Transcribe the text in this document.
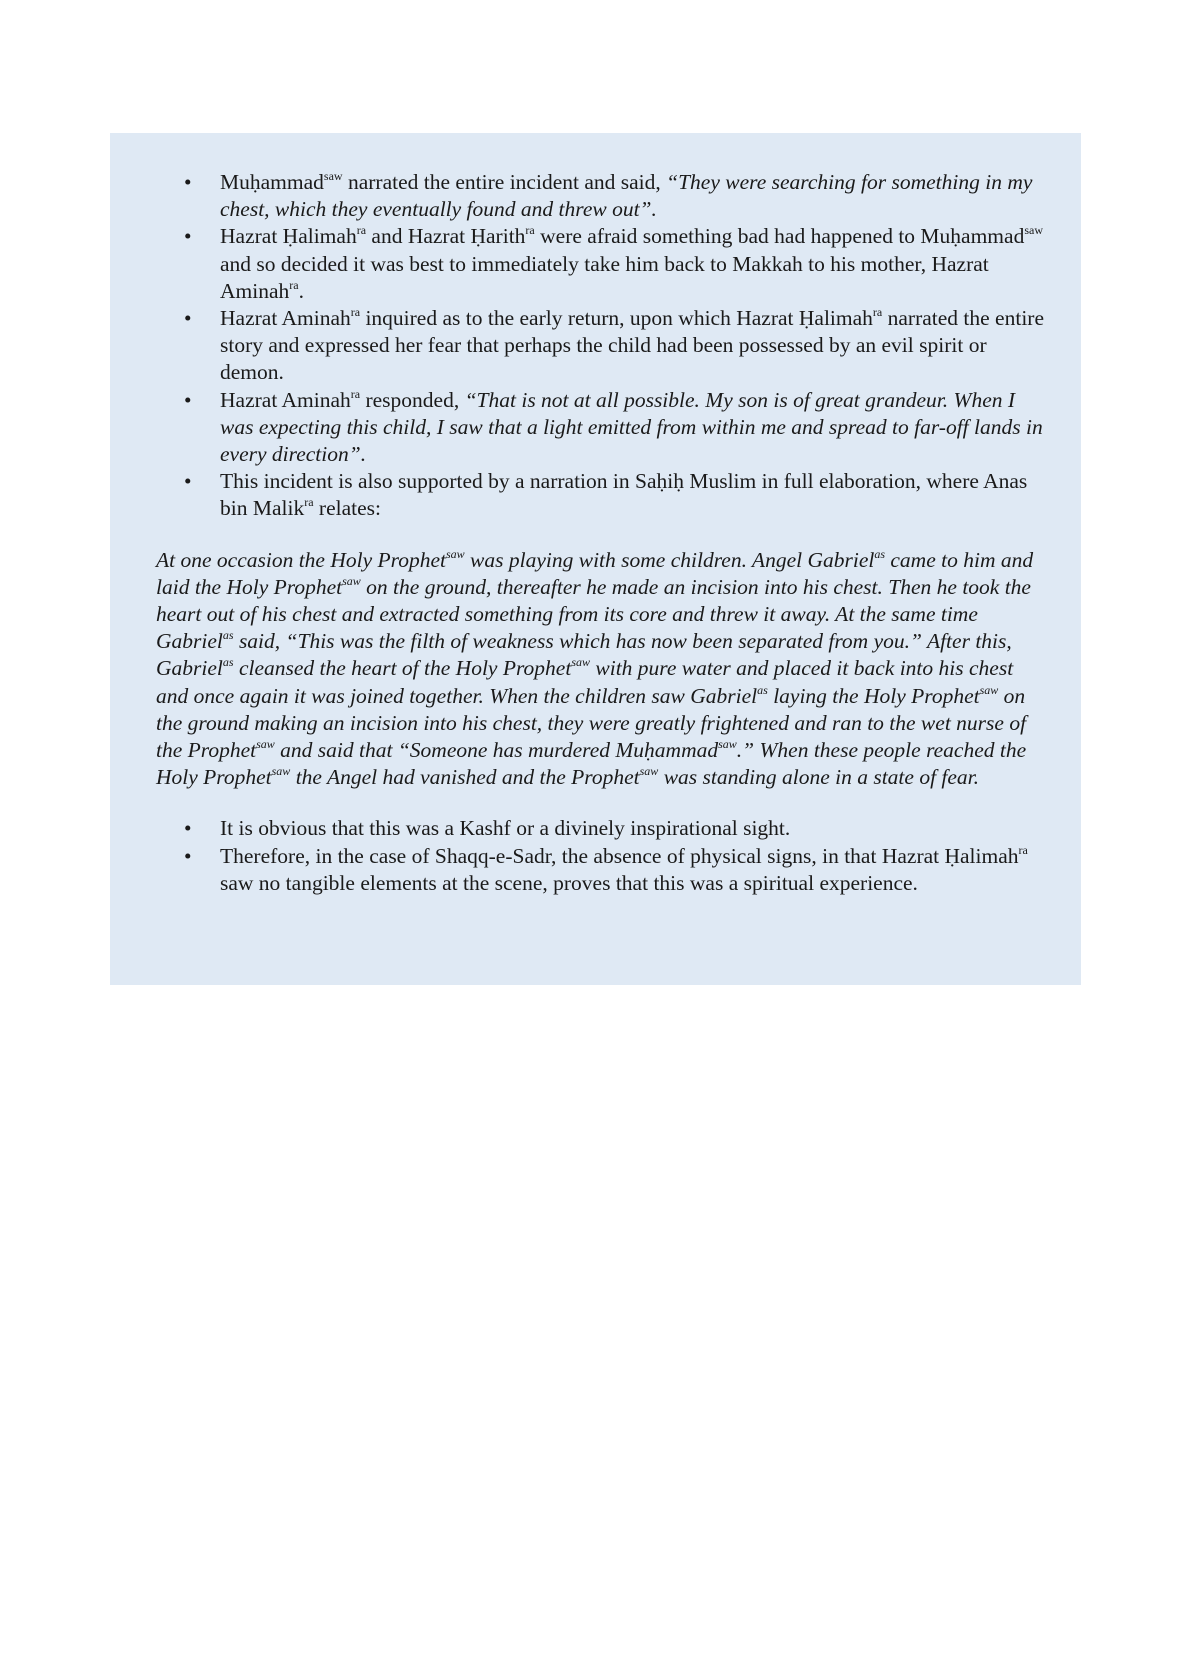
• Muḥammad$^{saw}$ narrated the entire incident and said, “They were searching for something in my chest, which they eventually found and threw out”.
• Hazrat Ḥalimah$^{ra}$ and Hazrat Ḥarith$^{ra}$ were afraid something bad had happened to Muḥammad$^{saw}$ and so decided it was best to immediately take him back to Makkah to his mother, Hazrat Aminah$^{ra}$.
• Hazrat Aminah$^{ra}$ inquired as to the early return, upon which Hazrat Ḥalimah$^{ra}$ narrated the entire story and expressed her fear that perhaps the child had been possessed by an evil spirit or demon.
• Hazrat Aminah$^{ra}$ responded, “That is not at all possible. My son is of great grandeur. When I was expecting this child, I saw that a light emitted from within me and spread to far-off lands in every direction”.
• This incident is also supported by a narration in Saḥiḥ Muslim in full elaboration, where Anas bin Malik$^{ra}$ relates:

At one occasion the Holy Prophet$^{saw}$ was playing with some children. Angel Gabriel$^{as}$ came to him and laid the Holy Prophet$^{saw}$ on the ground, thereafter he made an incision into his chest. Then he took the heart out of his chest and extracted something from its core and threw it away. At the same time Gabriel$^{as}$ said, “This was the filth of weakness which has now been separated from you.” After this, Gabriel$^{as}$ cleansed the heart of the Holy Prophet$^{saw}$ with pure water and placed it back into his chest and once again it was joined together. When the children saw Gabriel$^{as}$ laying the Holy Prophet$^{saw}$ on the ground making an incision into his chest, they were greatly frightened and ran to the wet nurse of the Prophet$^{saw}$ and said that “Someone has murdered Muḥammad$^{saw}$.” When these people reached the Holy Prophet$^{saw}$ the Angel had vanished and the Prophet$^{saw}$ was standing alone in a state of fear.

• It is obvious that this was a Kashf or a divinely inspirational sight.
• Therefore, in the case of Shaqq-e-Sadr, the absence of physical signs, in that Hazrat Ḥalimah$^{ra}$ saw no tangible elements at the scene, proves that this was a spiritual experience.
